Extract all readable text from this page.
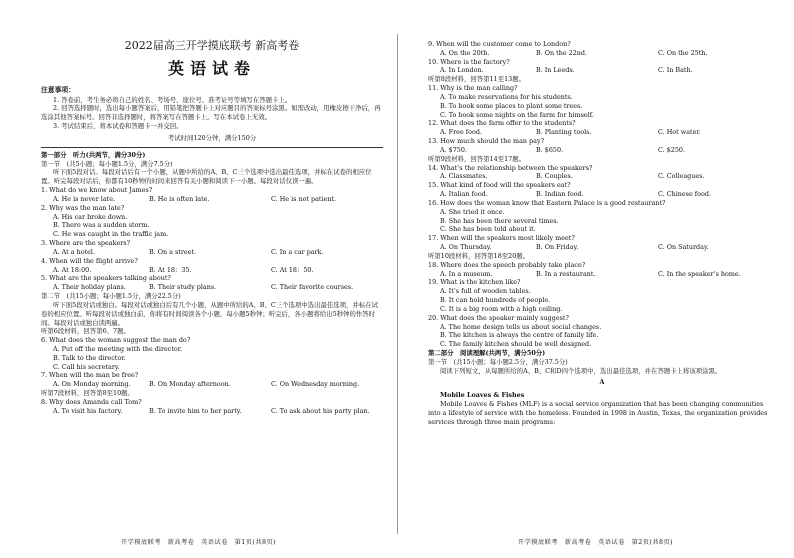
2022届高三开学摸底联考 新高考卷
英语试卷
注意事项：

1. 答卷前，考生务必将自己的姓名、考场号、座位号、准考证号等填写在答题卡上。

2. 回答选择题时，选出每小题答案后，用铅笔把答题卡上对应题目的答案标号涂黑。如需改动，用橡皮擦干净后，再选涂其他答案标号。回答非选择题时，将答案写在答题卡上。写在本试卷上无效。

3. 考试结束后，将本试卷和答题卡一并交回。

考试时间120分钟，满分150分

第一部分　听力(共两节，满分30分)

第一节　(共5小题；每小题1.5分，满分7.5分)

听下面5段对话。每段对话后有一个小题，从题中所给的A、B、C三个选项中选出最佳选项，并标在试卷的相应位置。听完每段对话后，你都有10秒钟的时间来回答有关小题和阅读下一小题。每段对话仅读一遍。

1. What do we know about James?
A. He is never late.	B. He is often late.	C. He is not patient.
2. Why was the man late?
A. His car broke down.
B. There was a sudden storm.
C. He was caught in the traffic jam.
3. Where are the speakers?
A. At a hotel.	B. On a street.	C. In a car park.
4. When will the flight arrive?
A. At 18:00.	B. At 18：35.	C. At 18：50.
5. What are the speakers talking about?
A. Their holiday plans.	B. Their study plans.	C. Their favorite courses.

第二节　(共15小题；每小题1.5分，满分22.5分)

听下面5段对话或独白。每段对话或独白后有几个小题，从题中所给的A、B、C三个选项中选出最佳选项，并标在试卷的相应位置。听每段对话或独白前，你将有时间阅读各个小题，每小题5秒钟；听完后，各小题将给出5秒钟的作答时间。每段对话或独白读两遍。

听第6段材料，回答第6、7题。

6. What does the woman suggest the man do?
A. Put off the meeting with the director.
B. Talk to the director.
C. Call his secretary.
7. When will the man be free?
A. On Monday morning.	B. On Monday afternoon.	C. On Wednesday morning.

听第7段材料，回答第8至10题。

8. Why does Amanda call Tom?
A. To visit his factory.	B. To invite him to her party.	C. To ask about his party plan.
开学摸底联考　新高考卷　英语试卷　第1页(共8页)
9. When will the customer come to London?
A. On the 20th.	B. On the 22nd.	C. On the 25th.
10. Where is the factory?
A. In London.	B. In Leeds.	C. In Bath.

听第8段材料，回答第11至13题。

11. Why is the man calling?
A. To make reservations for his students.
B. To book some places to plant some trees.
C. To book some nights on the farm for himself.
12. What does the farm offer to the students?
A. Free food.	B. Planting tools.	C. Hot water.
13. How much should the man pay?
A. $750.	B. $650.	C. $250.

听第9段材料，回答第14至17题。

14. What’s the relationship between the speakers?
A. Classmates.	B. Couples.	C. Colleagues.
15. What kind of food will the speakers eat?
A. Italian food.	B. Indian food.	C. Chinese food.
16. How does the woman know that Eastern Palace is a good restaurant?
A. She tried it once.
B. She has been there several times.
C. She has been told about it.
17. When will the speakers most likely meet?
A. On Thursday.	B. On Friday.	C. On Saturday.

听第10段材料，回答第18至20题。

18. Where does the speech probably take place?
A. In a museum.	B. In a restaurant.	C. In the speaker’s home.
19. What is the kitchen like?
A. It’s full of wooden tables.
B. It can hold hundreds of people.
C. It is a big room with a high ceiling.
20. What does the speaker mainly suggest?
A. The home design tells us about social changes.
B. The kitchen is always the centre of family life.
C. The family kitchen should be well designed.

第二部分　阅读理解(共两节，满分50分)

第一节　(共15小题；每小题2.5分，满分37.5分)

阅读下列短文，从每题所给的A、B、C和D四个选项中，选出最佳选项，并在答题卡上将该项涂黑。

A
Mobile Loaves & Fishes

Mobile Loaves & Fishes (MLF) is a social service organization that has been changing communities into a lifestyle of service with the homeless. Founded in 1998 in Austin, Texas, the organization provides services through three main programs:

开学摸底联考　新高考卷　英语试卷　第2页(共8页)
